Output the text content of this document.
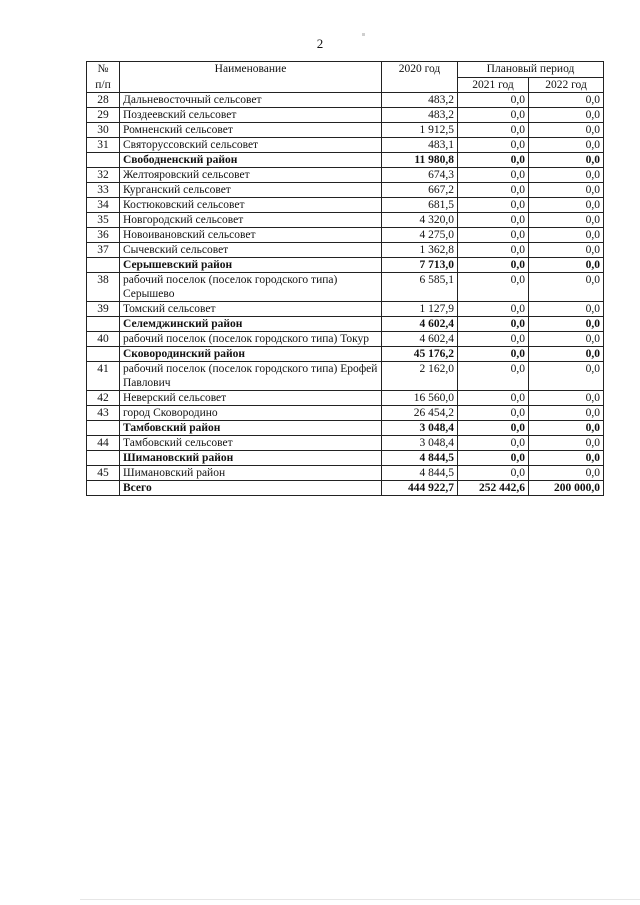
2
№
п/п	Наименование	2020 год	Плановый период	
			2021 год	2022 год
28	Дальневосточный сельсовет	483,2	0,0	0,0
29	Поздеевский сельсовет	483,2	0,0	0,0
30	Ромненский сельсовет	1 912,5	0,0	0,0
31	Святоруссовский сельсовет	483,1	0,0	0,0
	Свободненский район	11 980,8	0,0	0,0
32	Желтояровский сельсовет	674,3	0,0	0,0
33	Курганский сельсовет	667,2	0,0	0,0
34	Костюковский сельсовет	681,5	0,0	0,0
35	Новгородский сельсовет	4 320,0	0,0	0,0
36	Новоивановский сельсовет	4 275,0	0,0	0,0
37	Сычевский сельсовет	1 362,8	0,0	0,0
	Серышевский район	7 713,0	0,0	0,0
38	рабочий поселок (поселок городского типа) Серышево	6 585,1	0,0	0,0
39	Томский сельсовет	1 127,9	0,0	0,0
	Селемджинский район	4 602,4	0,0	0,0
40	рабочий поселок (поселок городского типа) Токур	4 602,4	0,0	0,0
	Сковородинский район	45 176,2	0,0	0,0
41	рабочий поселок (поселок городского типа) Ерофей Павлович	2 162,0	0,0	0,0
42	Неверский сельсовет	16 560,0	0,0	0,0
43	город Сковородино	26 454,2	0,0	0,0
	Тамбовский район	3 048,4	0,0	0,0
44	Тамбовский сельсовет	3 048,4	0,0	0,0
	Шимановский район	4 844,5	0,0	0,0
45	Шимановский район	4 844,5	0,0	0,0
	Всего	444 922,7	252 442,6	200 000,0
